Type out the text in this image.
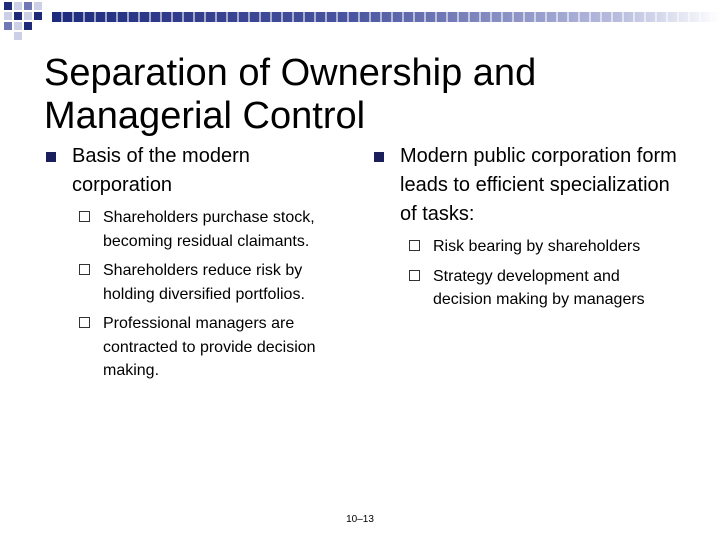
Separation of Ownership and
Managerial Control
Basis of the modern corporation
Shareholders purchase stock, becoming residual claimants.
Shareholders reduce risk by holding diversified portfolios.
Professional managers are contracted to provide decision making.
Modern public corporation form leads to efficient specialization of tasks:
Risk bearing by shareholders
Strategy development and decision making by managers
10–13
